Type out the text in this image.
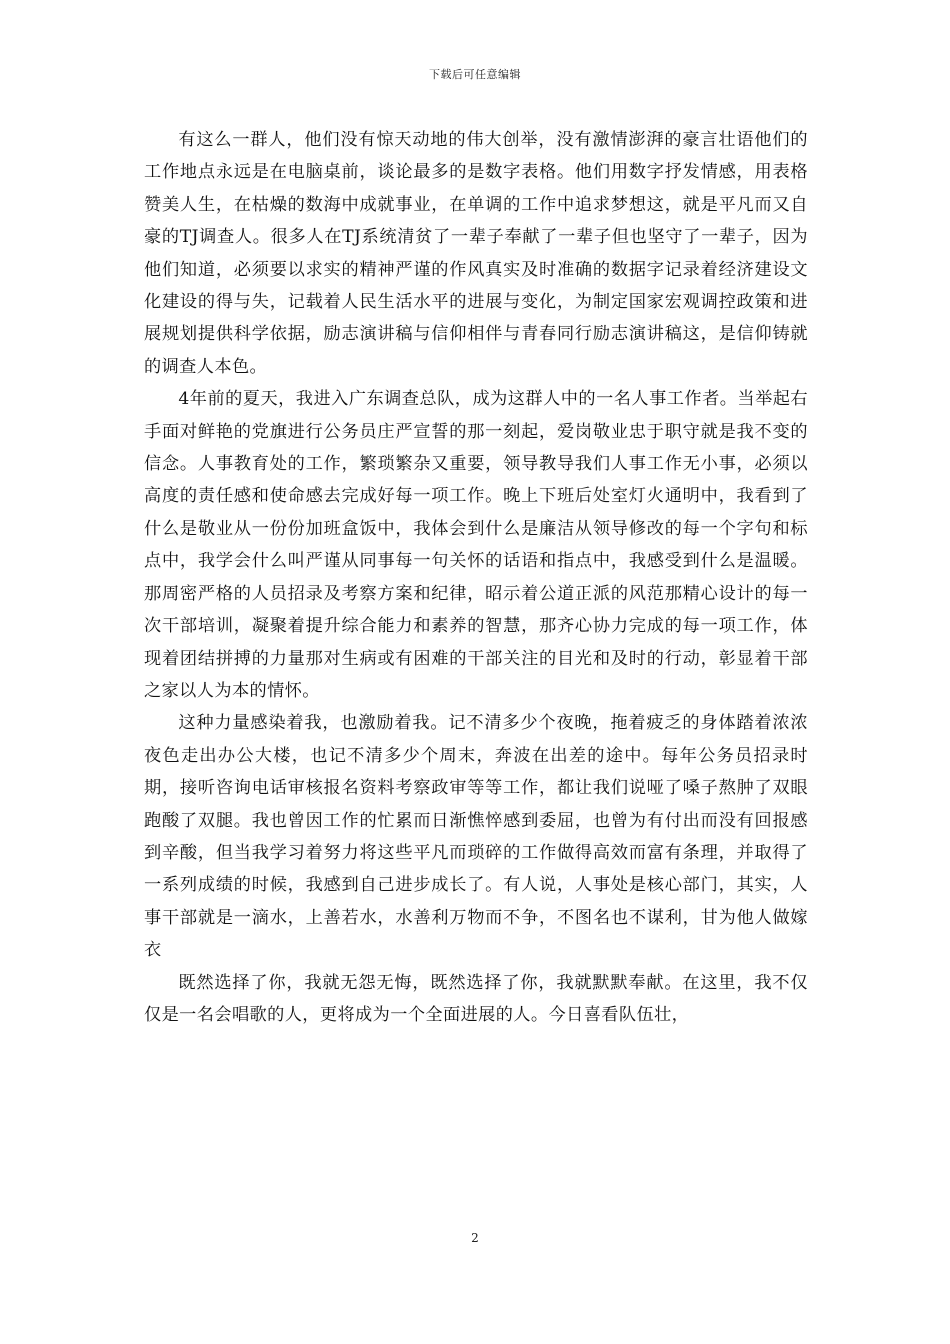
下载后可任意编辑

有这么一群人，他们没有惊天动地的伟大创举，没有激情澎湃的豪言壮语他们的工作地点永远是在电脑桌前，谈论最多的是数字表格。他们用数字抒发情感，用表格赞美人生，在枯燥的数海中成就事业，在单调的工作中追求梦想这，就是平凡而又自豪的TJ调查人。很多人在TJ系统清贫了一辈子奉献了一辈子但也坚守了一辈子，因为他们知道，必须要以求实的精神严谨的作风真实及时准确的数据字记录着经济建设文化建设的得与失，记载着人民生活水平的进展与变化，为制定国家宏观调控政策和进展规划提供科学依据，励志演讲稿与信仰相伴与青春同行励志演讲稿这，是信仰铸就的调查人本色。

4年前的夏天，我进入广东调查总队，成为这群人中的一名人事工作者。当举起右手面对鲜艳的党旗进行公务员庄严宣誓的那一刻起，爱岗敬业忠于职守就是我不变的信念。人事教育处的工作，繁琐繁杂又重要，领导教导我们人事工作无小事，必须以高度的责任感和使命感去完成好每一项工作。晚上下班后处室灯火通明中，我看到了什么是敬业从一份份加班盒饭中，我体会到什么是廉洁从领导修改的每一个字句和标点中，我学会什么叫严谨从同事每一句关怀的话语和指点中，我感受到什么是温暖。那周密严格的人员招录及考察方案和纪律，昭示着公道正派的风范那精心设计的每一次干部培训，凝聚着提升综合能力和素养的智慧，那齐心协力完成的每一项工作，体现着团结拼搏的力量那对生病或有困难的干部关注的目光和及时的行动，彰显着干部之家以人为本的情怀。

这种力量感染着我，也激励着我。记不清多少个夜晚，拖着疲乏的身体踏着浓浓夜色走出办公大楼，也记不清多少个周末，奔波在出差的途中。每年公务员招录时期，接听咨询电话审核报名资料考察政审等等工作，都让我们说哑了嗓子熬肿了双眼跑酸了双腿。我也曾因工作的忙累而日渐憔悴感到委屈，也曾为有付出而没有回报感到辛酸，但当我学习着努力将这些平凡而琐碎的工作做得高效而富有条理，并取得了一系列成绩的时候，我感到自己进步成长了。有人说，人事处是核心部门，其实，人事干部就是一滴水，上善若水，水善利万物而不争，不图名也不谋利，甘为他人做嫁衣

既然选择了你，我就无怨无悔，既然选择了你，我就默默奉献。在这里，我不仅仅是一名会唱歌的人，更将成为一个全面进展的人。今日喜看队伍壮，

2
